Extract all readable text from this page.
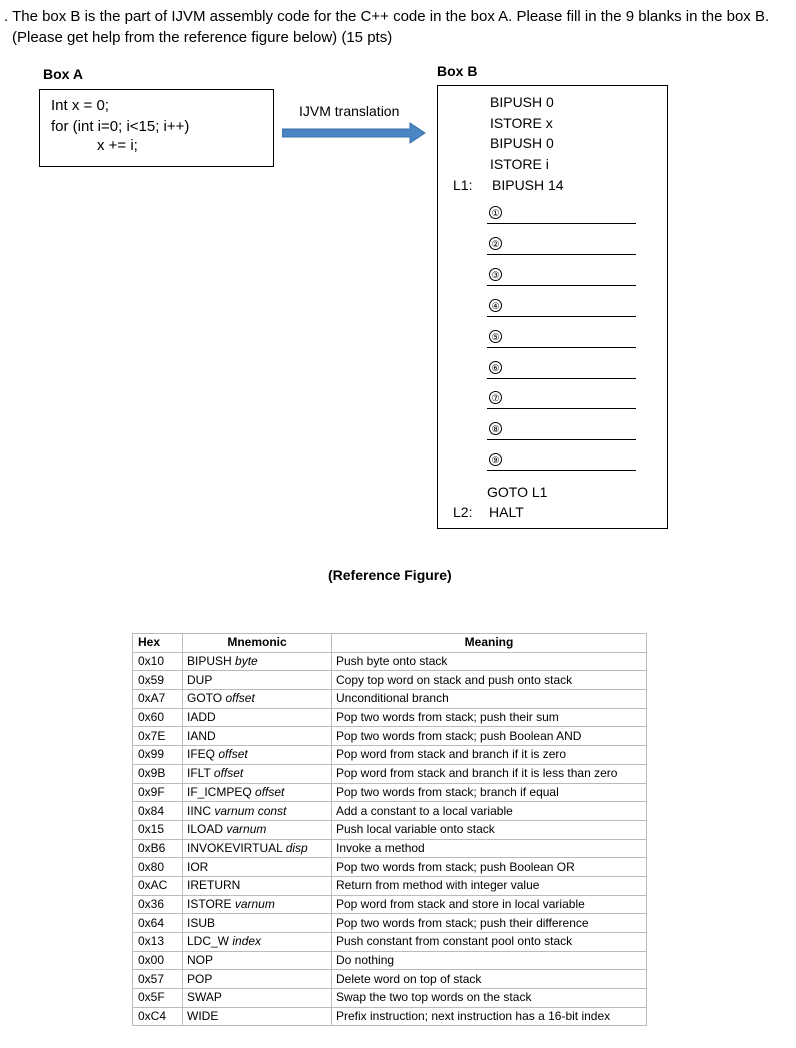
. The box B is the part of IJVM assembly code for the C++ code in the box A. Please fill in the 9 blanks in the box B.
(Please get help from the reference figure below) (15 pts)
Box A
Int x = 0;
for (int i=0; i<15; i++)
x += i;
IJVM translation
Box B
BIPUSH 0
ISTORE x
BIPUSH 0
ISTORE i
L1: BIPUSH 14
①
②
③
④
⑤
⑥
⑦
⑧
⑨
GOTO L1
L2: HALT
(Reference Figure)
Hex	Mnemonic	Meaning
0x10	BIPUSH byte	Push byte onto stack
0x59	DUP	Copy top word on stack and push onto stack
0xA7	GOTO offset	Unconditional branch
0x60	IADD	Pop two words from stack; push their sum
0x7E	IAND	Pop two words from stack; push Boolean AND
0x99	IFEQ offset	Pop word from stack and branch if it is zero
0x9B	IFLT offset	Pop word from stack and branch if it is less than zero
0x9F	IF_ICMPEQ offset	Pop two words from stack; branch if equal
0x84	IINC varnum const	Add a constant to a local variable
0x15	ILOAD varnum	Push local variable onto stack
0xB6	INVOKEVIRTUAL disp	Invoke a method
0x80	IOR	Pop two words from stack; push Boolean OR
0xAC	IRETURN	Return from method with integer value
0x36	ISTORE varnum	Pop word from stack and store in local variable
0x64	ISUB	Pop two words from stack; push their difference
0x13	LDC_W index	Push constant from constant pool onto stack
0x00	NOP	Do nothing
0x57	POP	Delete word on top of stack
0x5F	SWAP	Swap the two top words on the stack
0xC4	WIDE	Prefix instruction; next instruction has a 16-bit index
